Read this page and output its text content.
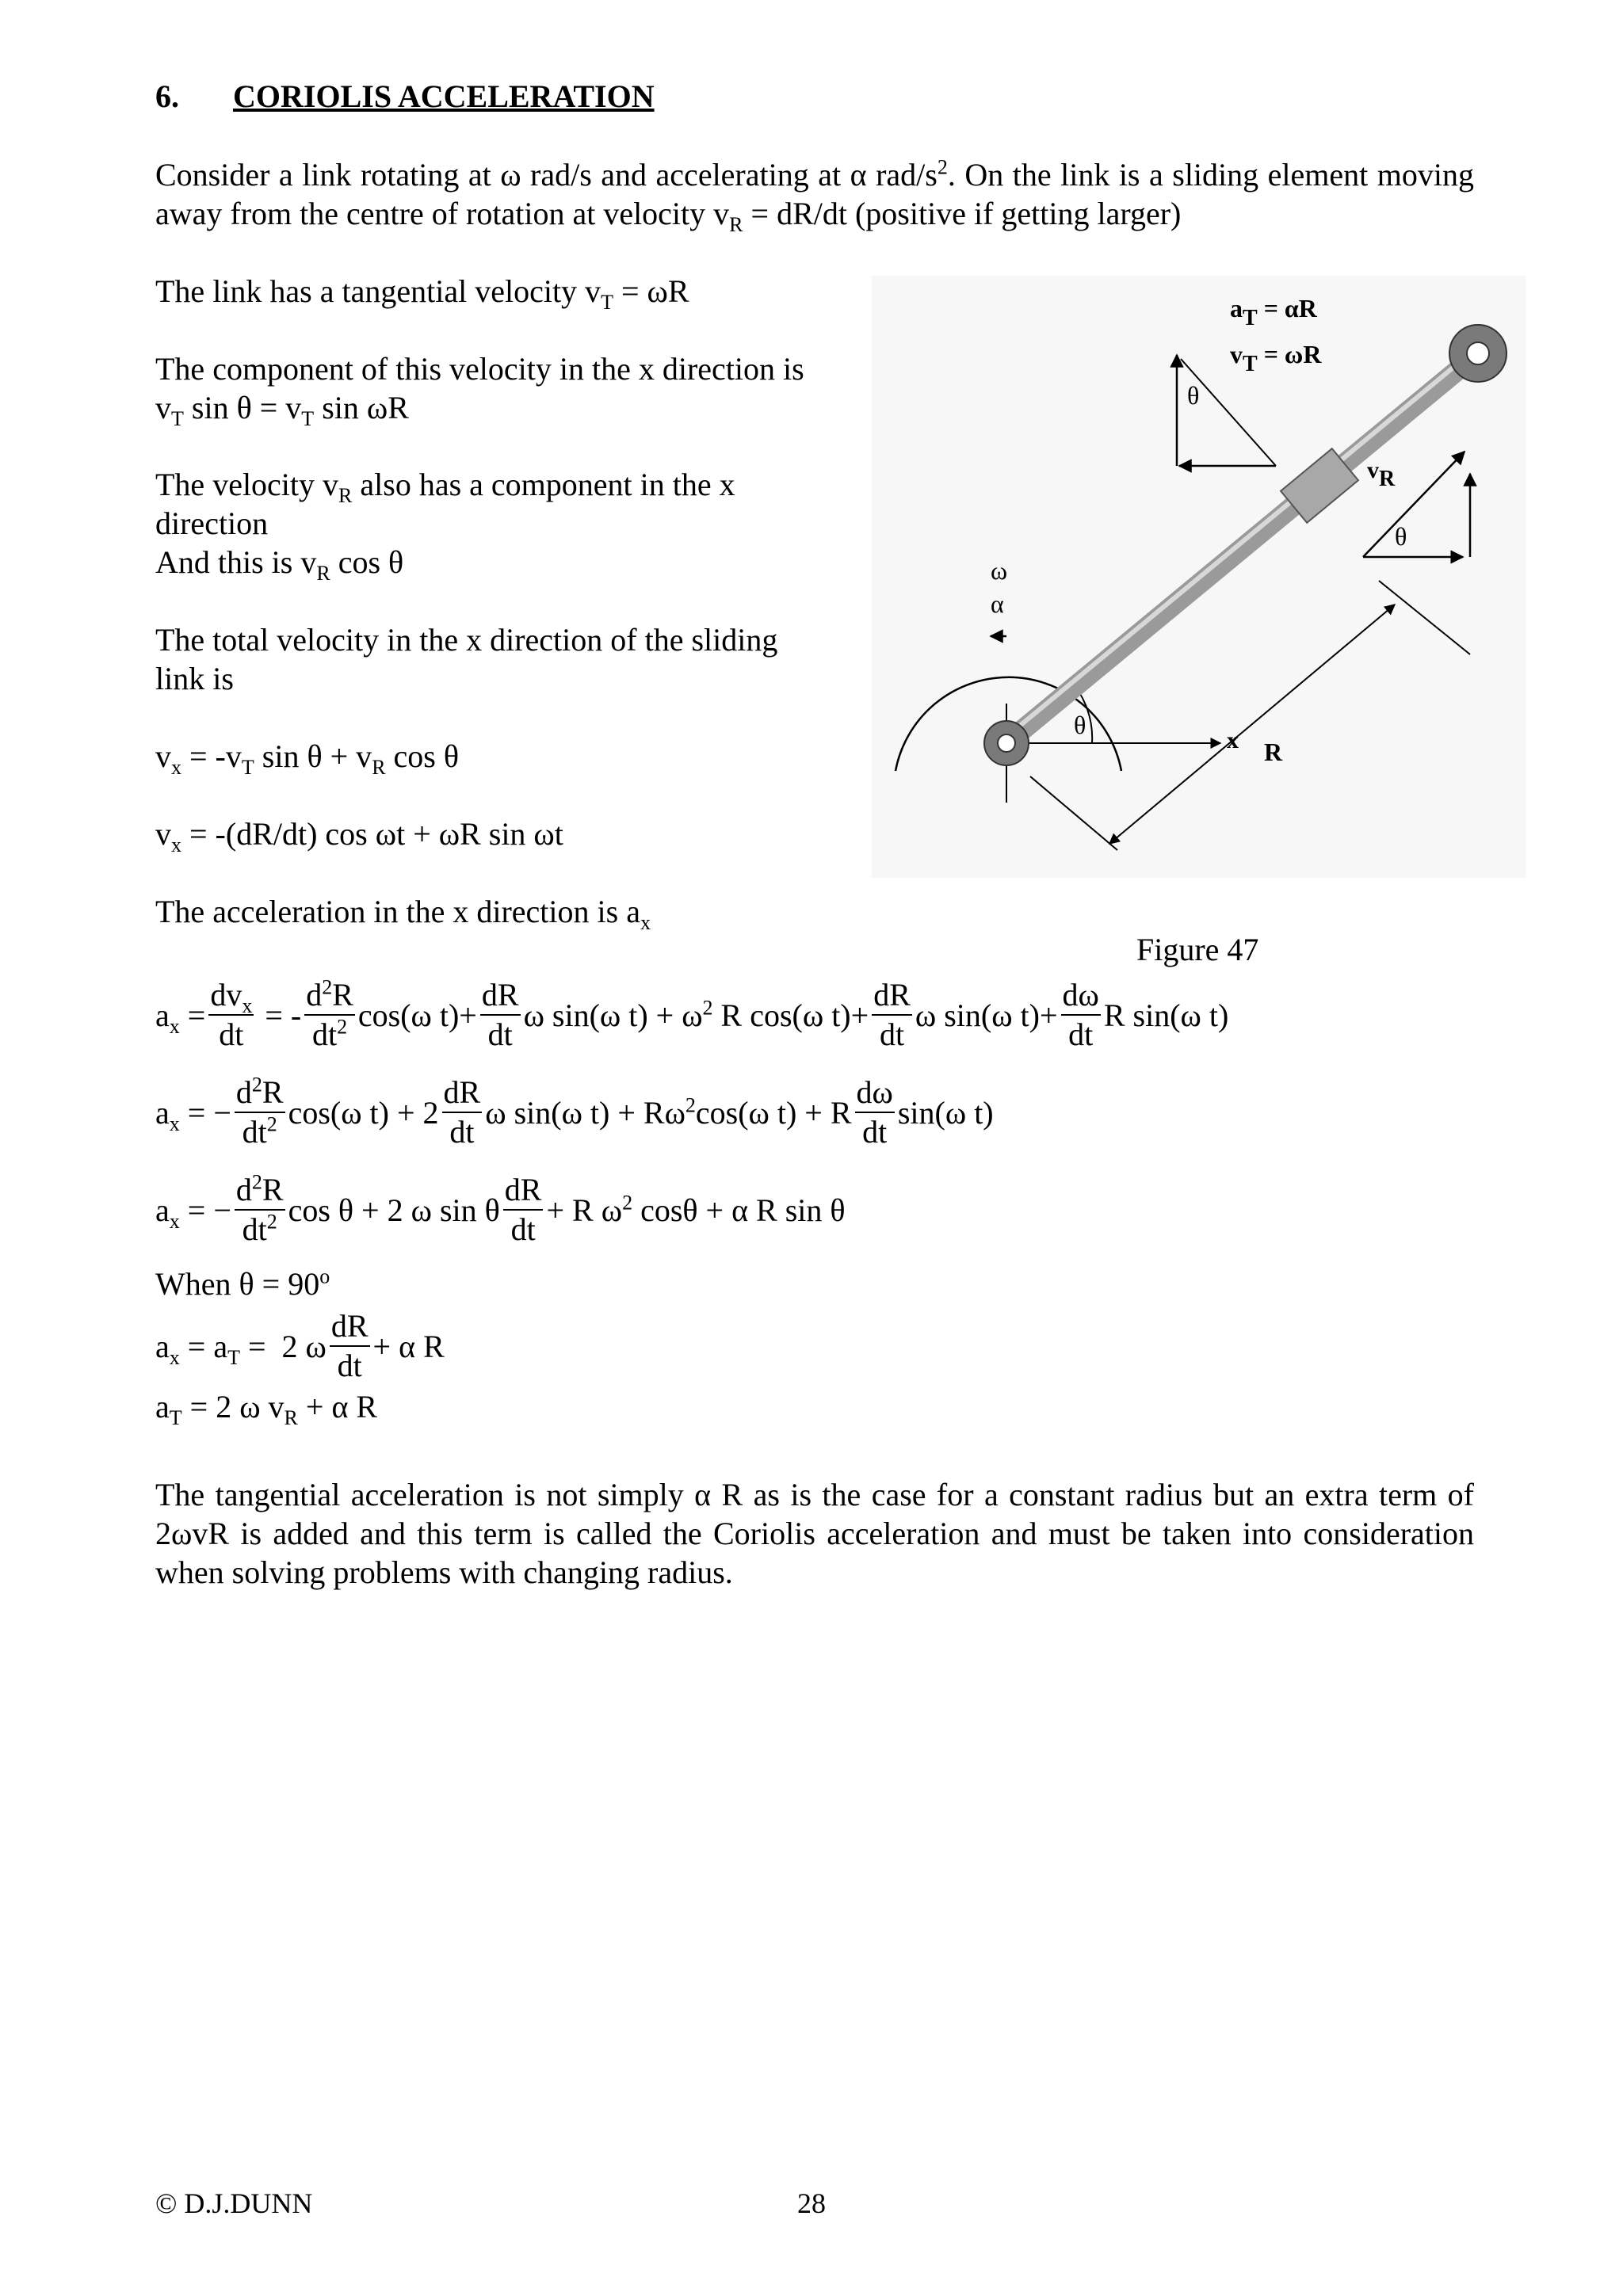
6. CORIOLIS ACCELERATION
Consider a link rotating at ω rad/s and accelerating at α rad/$s^2$. On the link is a sliding element moving away from the centre of rotation at velocity $v_R = dR/dt$ (positive if getting larger)
The link has a tangential velocity $v_T = \omega R$
The component of this velocity in the x direction is
$v_T$ $\sin \theta = v_T$ sin ωR
The velocity $v_R$ also has a component in the x
direction
And this is $v_R$ cos θ
The total velocity in the x direction of the sliding
link is
$v_x = -v_T$ $\sin \theta + v_R$ cos θ
$v_x = -(dR/dt)$ cos ωt + ωR sin ωt
The acceleration in the x direction is $a_x$
aT = αR
vT = ωR
vR
θ
θ
θ
ω
α
x R
Figure 47
$a_x = \frac{dv_x}{dt}$ = - $\frac{d^2R}{dt^2} \cos(\omega$ $t)+ \frac{dR}{dt}$ ω sin(ω $t) + \omega^2$ R cos(ω $t)+ \frac{dR}{dt}$ ω sin(ω $t)+ \frac{d\omega}{dt}$ R sin(ω t)
$a_x$ = − $\frac{d^2R}{dt^2} \cos(\omega$ $t) + 2 \frac{dR}{dt}$ ω sin(ω $t) + R\omega^2\cos(\omega$ t) + R $\frac{d\omega}{dt} \sin(\omega$ t)
$a_x$ = − $\frac{d^2R}{dt^2}$ cos θ + 2 ω sin θ $\frac{dR}{dt} + R$ $\omega^2$ cosθ + α R sin θ
When $\theta = 90^o$
$a_x = a_T = 2$ ω $\frac{dR}{dt} + \alpha$ R
$a_T = 2$ ω $v_R + \alpha$ R
The tangential acceleration is not simply α R as is the case for a constant radius but an extra term of 2ωvR is added and this term is called the Coriolis acceleration and must be taken into consideration when solving problems with changing radius.
© D.J.DUNN	28
